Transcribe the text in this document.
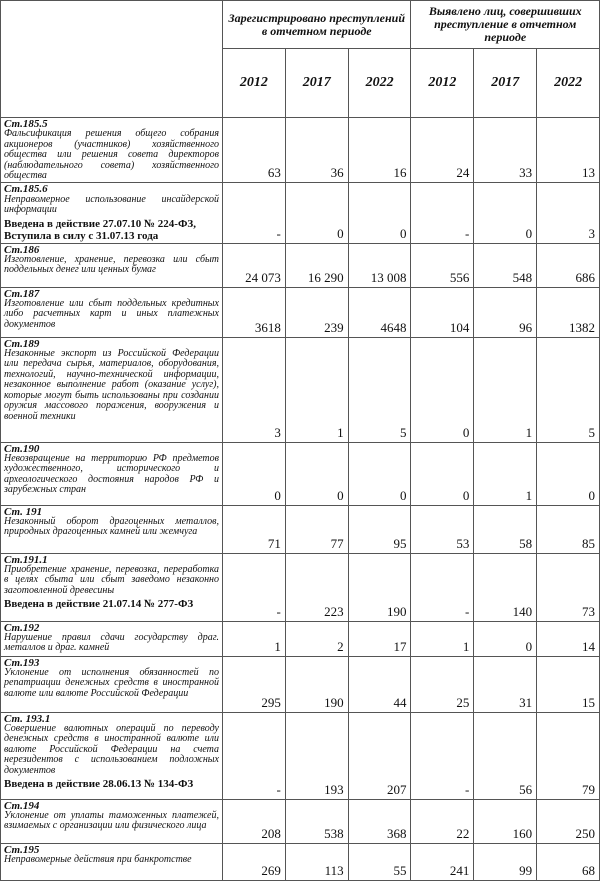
	Зарегистрировано преступлений в отчетном периоде			Выявлено лиц, совершивших преступление в отчетном периоде		
	2012	2017	2022	2012	2017	2022

Ст.185.5
Фальсификация решения общего собрания акционеров (участников) хозяйственного общества или решения совета директоров (наблюдательного совета) хозяйственного общества	63	36	16	24	33	13

Ст.185.6
Неправомерное использование инсайдерской информации
Введена в действие 27.07.10 № 224-ФЗ, Вступила в силу с 31.07.13 года	-	0	0	-	0	3

Ст.186
Изготовление, хранение, перевозка или сбыт поддельных денег или ценных бумаг	24 073	16 290	13 008	556	548	686

Ст.187
Изготовление или сбыт поддельных кредитных либо расчетных карт и иных платежных документов	3618	239	4648	104	96	1382

Ст.189
Незаконные экспорт из Российской Федерации или передача сырья, материалов, оборудования, технологий, научно-технической информации, незаконное выполнение работ (оказание услуг), которые могут быть использованы при создании оружия массового поражения, вооружения и военной техники	3	1	5	0	1	5

Ст.190
Невозвращение на территорию РФ предметов художественного, исторического и археологического достояния народов РФ и зарубежных стран	0	0	0	0	1	0

Ст. 191
Незаконный оборот драгоценных металлов, природных драгоценных камней или жемчуга	71	77	95	53	58	85

Ст.191.1
Приобретение хранение, перевозка, переработка в целях сбыта или сбыт заведомо незаконно заготовленной древесины
Введена в действие 21.07.14 № 277-ФЗ	-	223	190	-	140	73

Ст.192
Нарушение правил сдачи государству драг. металлов и драг. камней	1	2	17	1	0	14

Ст.193
Уклонение от исполнения обязанностей по репатриации денежных средств в иностранной валюте или валюте Российской Федерации	295	190	44	25	31	15

Ст. 193.1
Совершение валютных операций по переводу денежных средств в иностранной валюте или валюте Российской Федерации на счета нерезидентов с использованием подложных документов
Введена в действие 28.06.13 № 134-ФЗ	-	193	207	-	56	79

Ст.194
Уклонение от уплаты таможенных платежей, взимаемых с организации или физического лица	208	538	368	22	160	250

Ст.195
Неправомерные действия при банкротстве	269	113	55	241	99	68
